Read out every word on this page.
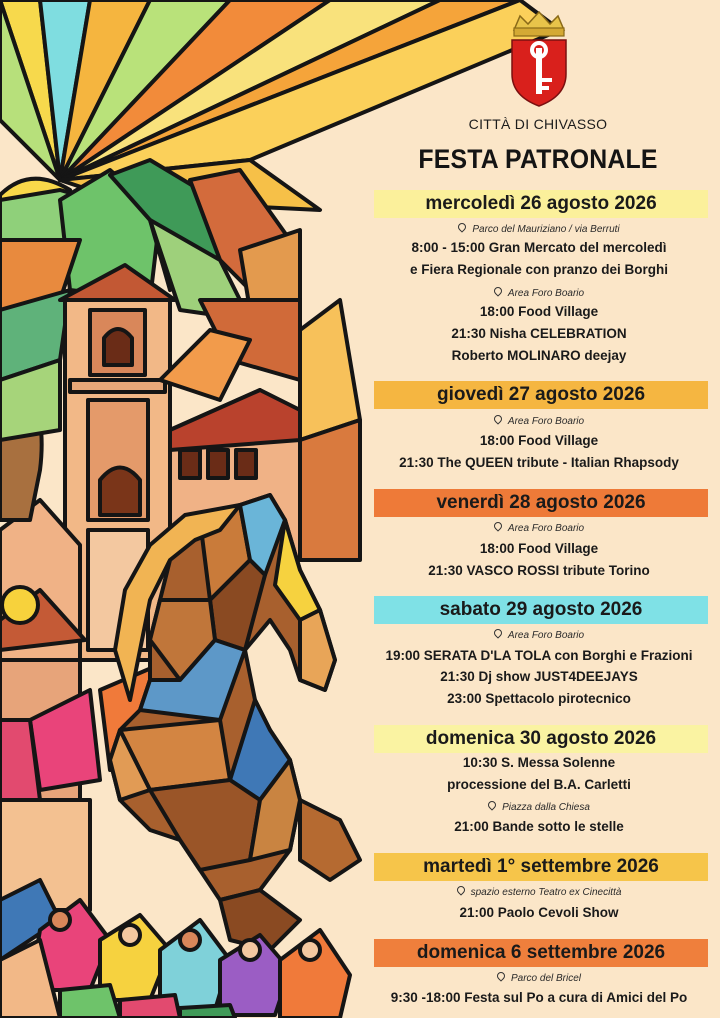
CITTÀ DI CHIVASSO
FESTA PATRONALE
mercoledì 26 agosto 2026
Parco del Mauriziano / via Berruti
8:00 - 15:00 Gran Mercato del mercoledì
e Fiera Regionale con pranzo dei Borghi
Area Foro Boario
18:00 Food Village
21:30 Nisha CELEBRATION
Roberto MOLINARO deejay
giovedì 27 agosto 2026
Area Foro Boario
18:00 Food Village
21:30 The QUEEN tribute - Italian Rhapsody
venerdì 28 agosto 2026
Area Foro Boario
18:00 Food Village
21:30 VASCO ROSSI tribute Torino
sabato 29 agosto 2026
Area Foro Boario
19:00 SERATA D'LA TOLA con Borghi e Frazioni
21:30 Dj show JUST4DEEJAYS
23:00 Spettacolo pirotecnico
domenica 30 agosto 2026
10:30 S. Messa Solenne
processione del B.A. Carletti
Piazza dalla Chiesa
21:00 Bande sotto le stelle
martedì 1° settembre 2026
spazio esterno Teatro ex Cinecittà
21:00 Paolo Cevoli Show
domenica 6 settembre 2026
Parco del Bricel
9:30 -18:00 Festa sul Po a cura di Amici del Po
